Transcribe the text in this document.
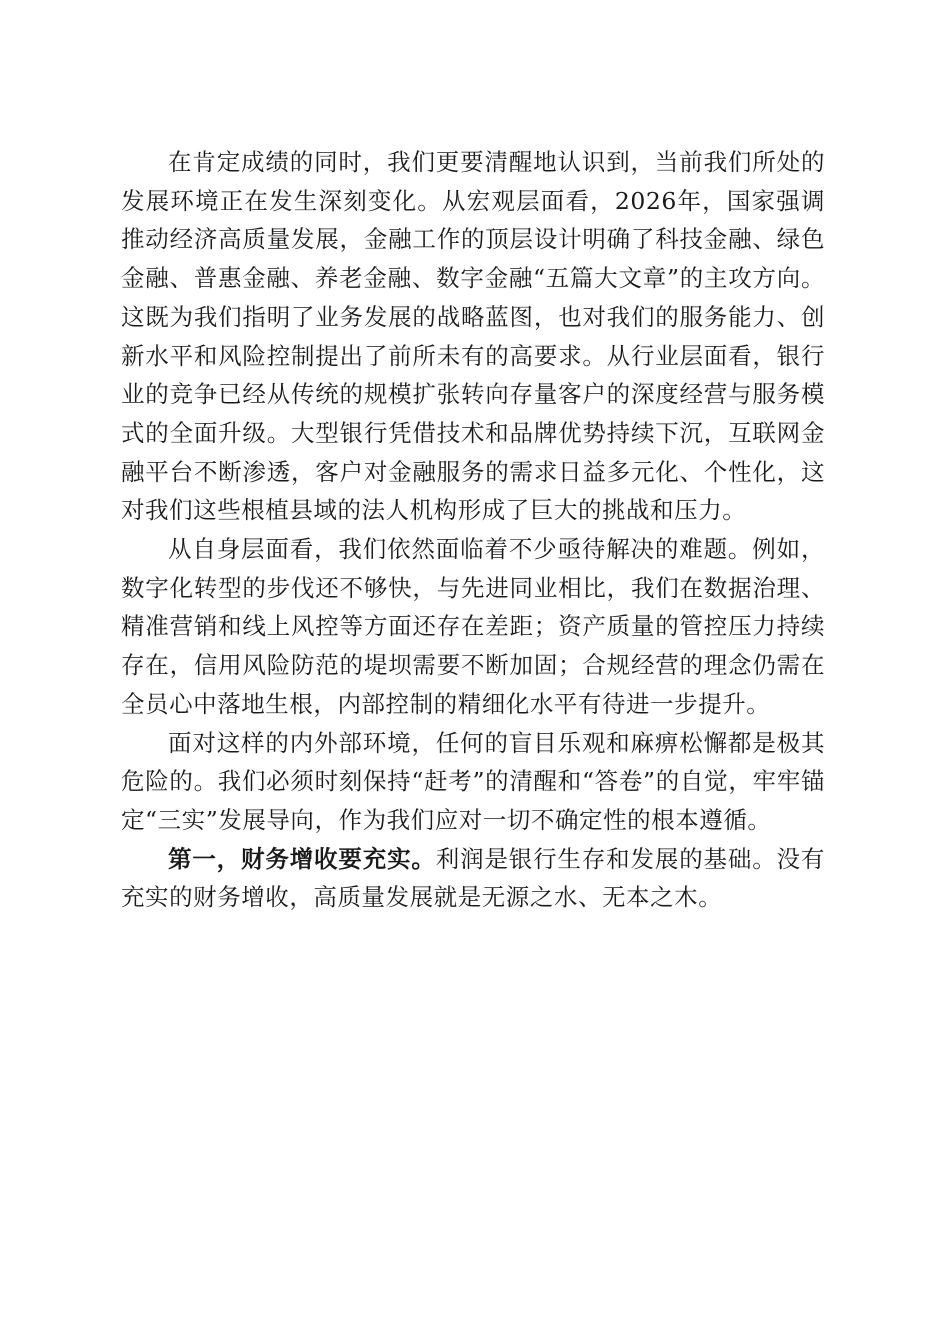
在肯定成绩的同时，我们更要清醒地认识到，当前我们所处的发展环境正在发生深刻变化。从宏观层面看，2026年，国家强调推动经济高质量发展，金融工作的顶层设计明确了科技金融、绿色金融、普惠金融、养老金融、数字金融“五篇大文章”的主攻方向。这既为我们指明了业务发展的战略蓝图，也对我们的服务能力、创新水平和风险控制提出了前所未有的高要求。从行业层面看，银行业的竞争已经从传统的规模扩张转向存量客户的深度经营与服务模式的全面升级。大型银行凭借技术和品牌优势持续下沉，互联网金融平台不断渗透，客户对金融服务的需求日益多元化、个性化，这对我们这些根植县域的法人机构形成了巨大的挑战和压力。

从自身层面看，我们依然面临着不少亟待解决的难题。例如，数字化转型的步伐还不够快，与先进同业相比，我们在数据治理、精准营销和线上风控等方面还存在差距；资产质量的管控压力持续存在，信用风险防范的堤坝需要不断加固；合规经营的理念仍需在全员心中落地生根，内部控制的精细化水平有待进一步提升。

面对这样的内外部环境，任何的盲目乐观和麻痹松懈都是极其危险的。我们必须时刻保持“赶考”的清醒和“答卷”的自觉，牢牢锚定“三实”发展导向，作为我们应对一切不确定性的根本遵循。

第一，财务增收要充实。利润是银行生存和发展的基础。没有充实的财务增收，高质量发展就是无源之水、无本之木。
